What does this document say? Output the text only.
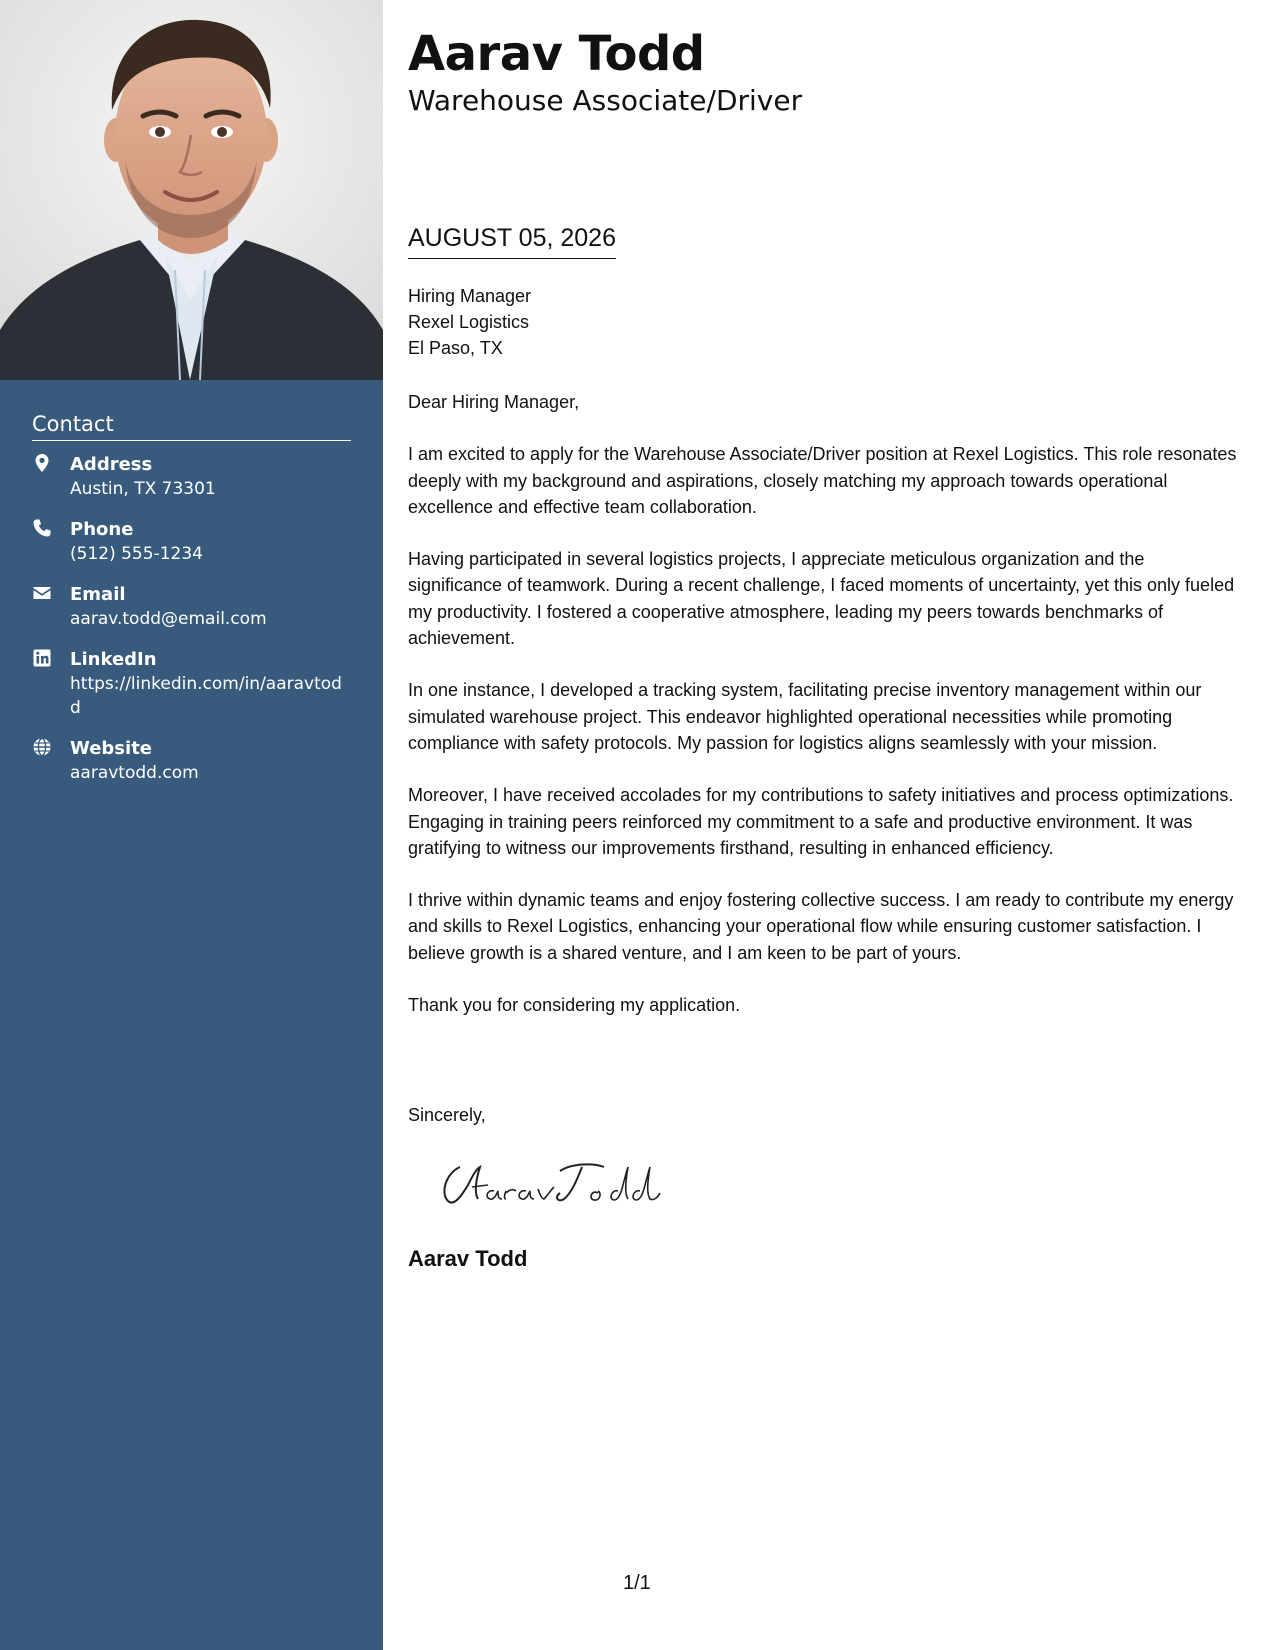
Contact
Address
Austin, TX 73301
Phone
(512) 555-1234
Email
aarav.todd@email.com
LinkedIn
https://linkedin.com/in/aaravtodd
Website
aaravtodd.com
Aarav Todd
Warehouse Associate/Driver
AUGUST 05, 2026
Hiring Manager
Rexel Logistics
El Paso, TX

Dear Hiring Manager,

I am excited to apply for the Warehouse Associate/Driver position at Rexel Logistics. This role resonates deeply with my background and aspirations, closely matching my approach towards operational excellence and effective team collaboration.

Having participated in several logistics projects, I appreciate meticulous organization and the significance of teamwork. During a recent challenge, I faced moments of uncertainty, yet this only fueled my productivity. I fostered a cooperative atmosphere, leading my peers towards benchmarks of achievement.

In one instance, I developed a tracking system, facilitating precise inventory management within our simulated warehouse project. This endeavor highlighted operational necessities while promoting compliance with safety protocols. My passion for logistics aligns seamlessly with your mission.

Moreover, I have received accolades for my contributions to safety initiatives and process optimizations. Engaging in training peers reinforced my commitment to a safe and productive environment. It was gratifying to witness our improvements firsthand, resulting in enhanced efficiency.

I thrive within dynamic teams and enjoy fostering collective success. I am ready to contribute my energy and skills to Rexel Logistics, enhancing your operational flow while ensuring customer satisfaction. I believe growth is a shared venture, and I am keen to be part of yours.

Thank you for considering my application.

Sincerely,
Aarav Todd
1/1
